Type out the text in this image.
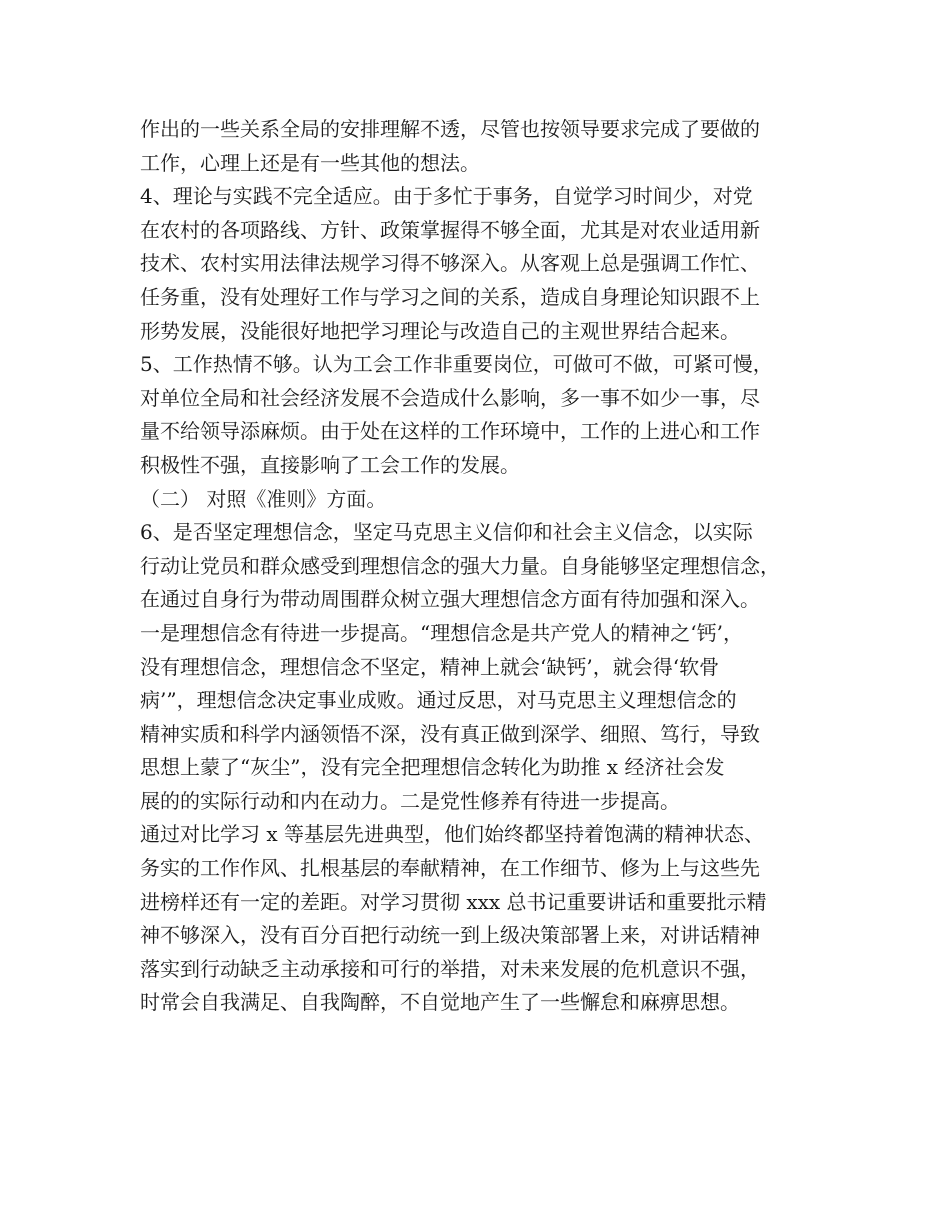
作出的一些关系全局的安排理解不透，尽管也按领导要求完成了要做的
工作，心理上还是有一些其他的想法。
4、理论与实践不完全适应。由于多忙于事务，自觉学习时间少，对党
在农村的各项路线、方针、政策掌握得不够全面，尤其是对农业适用新
技术、农村实用法律法规学习得不够深入。从客观上总是强调工作忙、
任务重，没有处理好工作与学习之间的关系，造成自身理论知识跟不上
形势发展，没能很好地把学习理论与改造自己的主观世界结合起来。
5、工作热情不够。认为工会工作非重要岗位，可做可不做，可紧可慢，
对单位全局和社会经济发展不会造成什么影响，多一事不如少一事，尽
量不给领导添麻烦。由于处在这样的工作环境中，工作的上进心和工作
积极性不强，直接影响了工会工作的发展。
（二） 对照《准则》方面。
6、是否坚定理想信念，坚定马克思主义信仰和社会主义信念，以实际
行动让党员和群众感受到理想信念的强大力量。自身能够坚定理想信念，
在通过自身行为带动周围群众树立强大理想信念方面有待加强和深入。
一是理想信念有待进一步提高。“理想信念是共产党人的精神之‘钙’，
没有理想信念，理想信念不坚定，精神上就会‘缺钙’，就会得‘软骨
病’”，理想信念决定事业成败。通过反思，对马克思主义理想信念的
精神实质和科学内涵领悟不深，没有真正做到深学、细照、笃行，导致
思想上蒙了“灰尘”，没有完全把理想信念转化为助推 x 经济社会发
展的的实际行动和内在动力。二是党性修养有待进一步提高。
通过对比学习 x 等基层先进典型，他们始终都坚持着饱满的精神状态、
务实的工作作风、扎根基层的奉献精神，在工作细节、修为上与这些先
进榜样还有一定的差距。对学习贯彻 xxx 总书记重要讲话和重要批示精
神不够深入，没有百分百把行动统一到上级决策部署上来，对讲话精神
落实到行动缺乏主动承接和可行的举措，对未来发展的危机意识不强，
时常会自我满足、自我陶醉，不自觉地产生了一些懈怠和麻痹思想。
